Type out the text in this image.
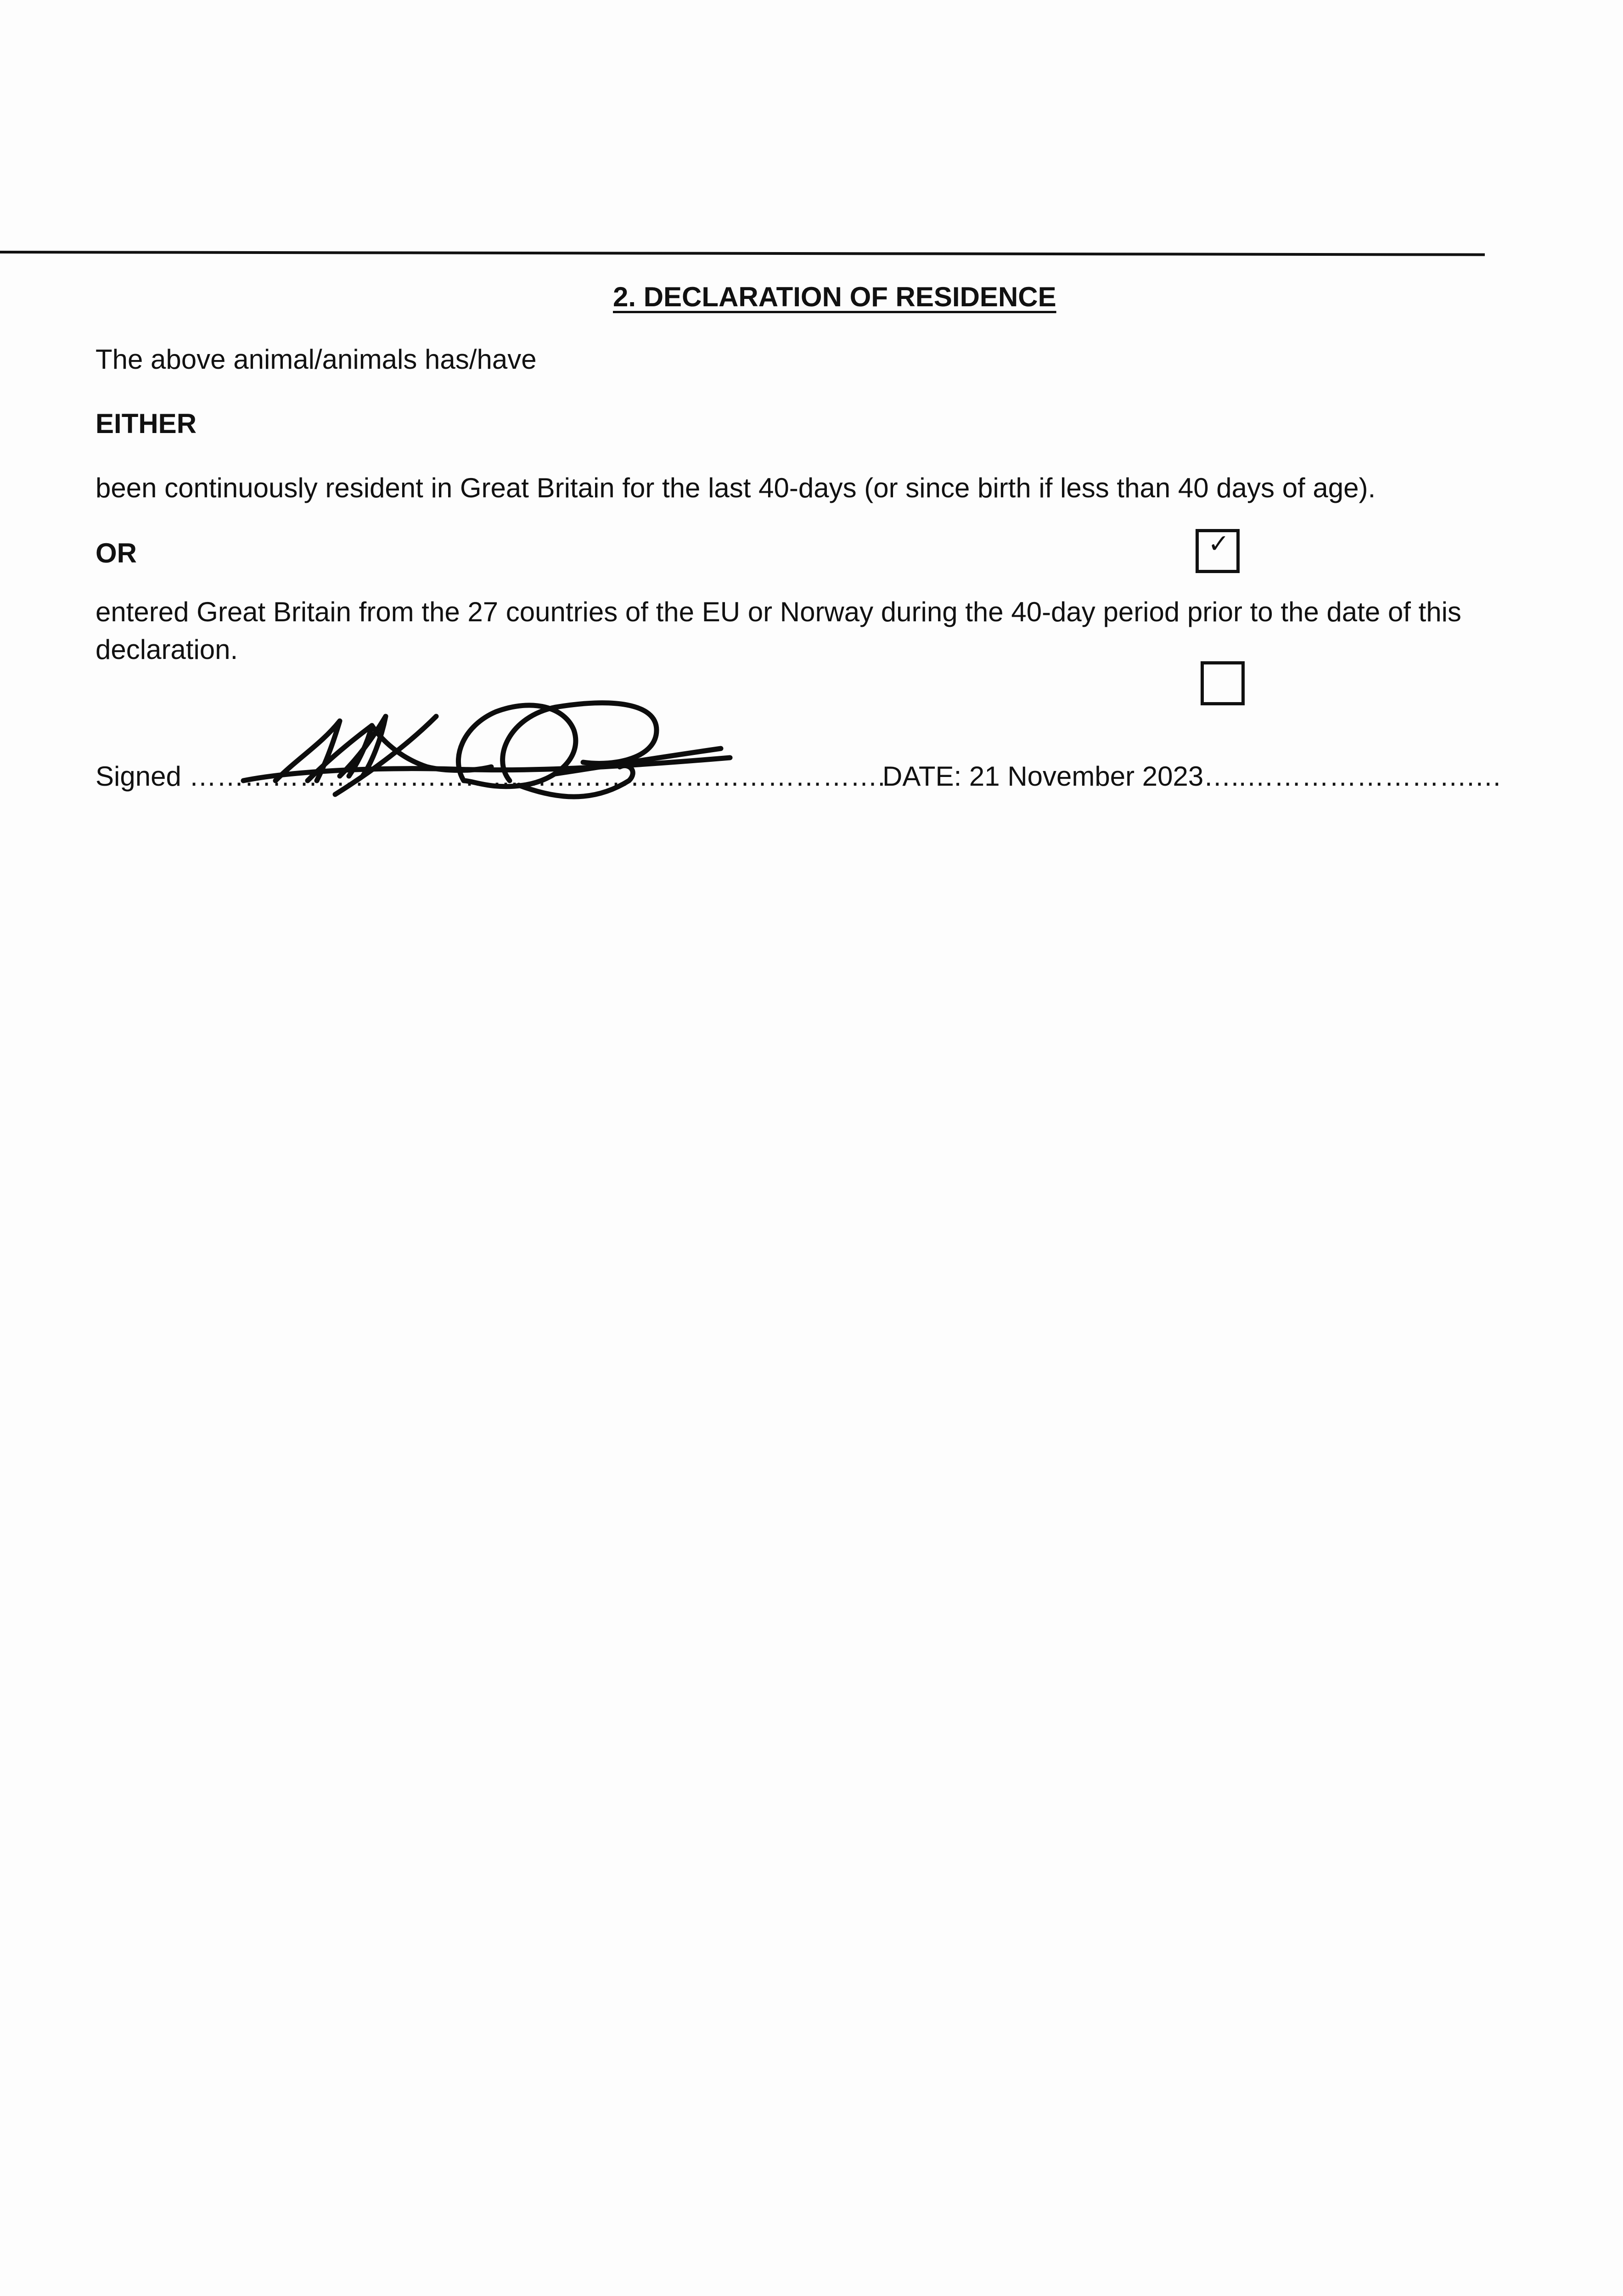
2. DECLARATION OF RESIDENCE
The above animal/animals has/have
EITHER
been continuously resident in Great Britain for the last 40-days (or since birth if less than 40 days of age).
OR	✓
entered Great Britain from the 27 countries of the EU or Norway during the 40-day period prior to the date of this declaration.
Signed ………………………………………………………………….
DATE: 21 November 2023…..…………………….…
